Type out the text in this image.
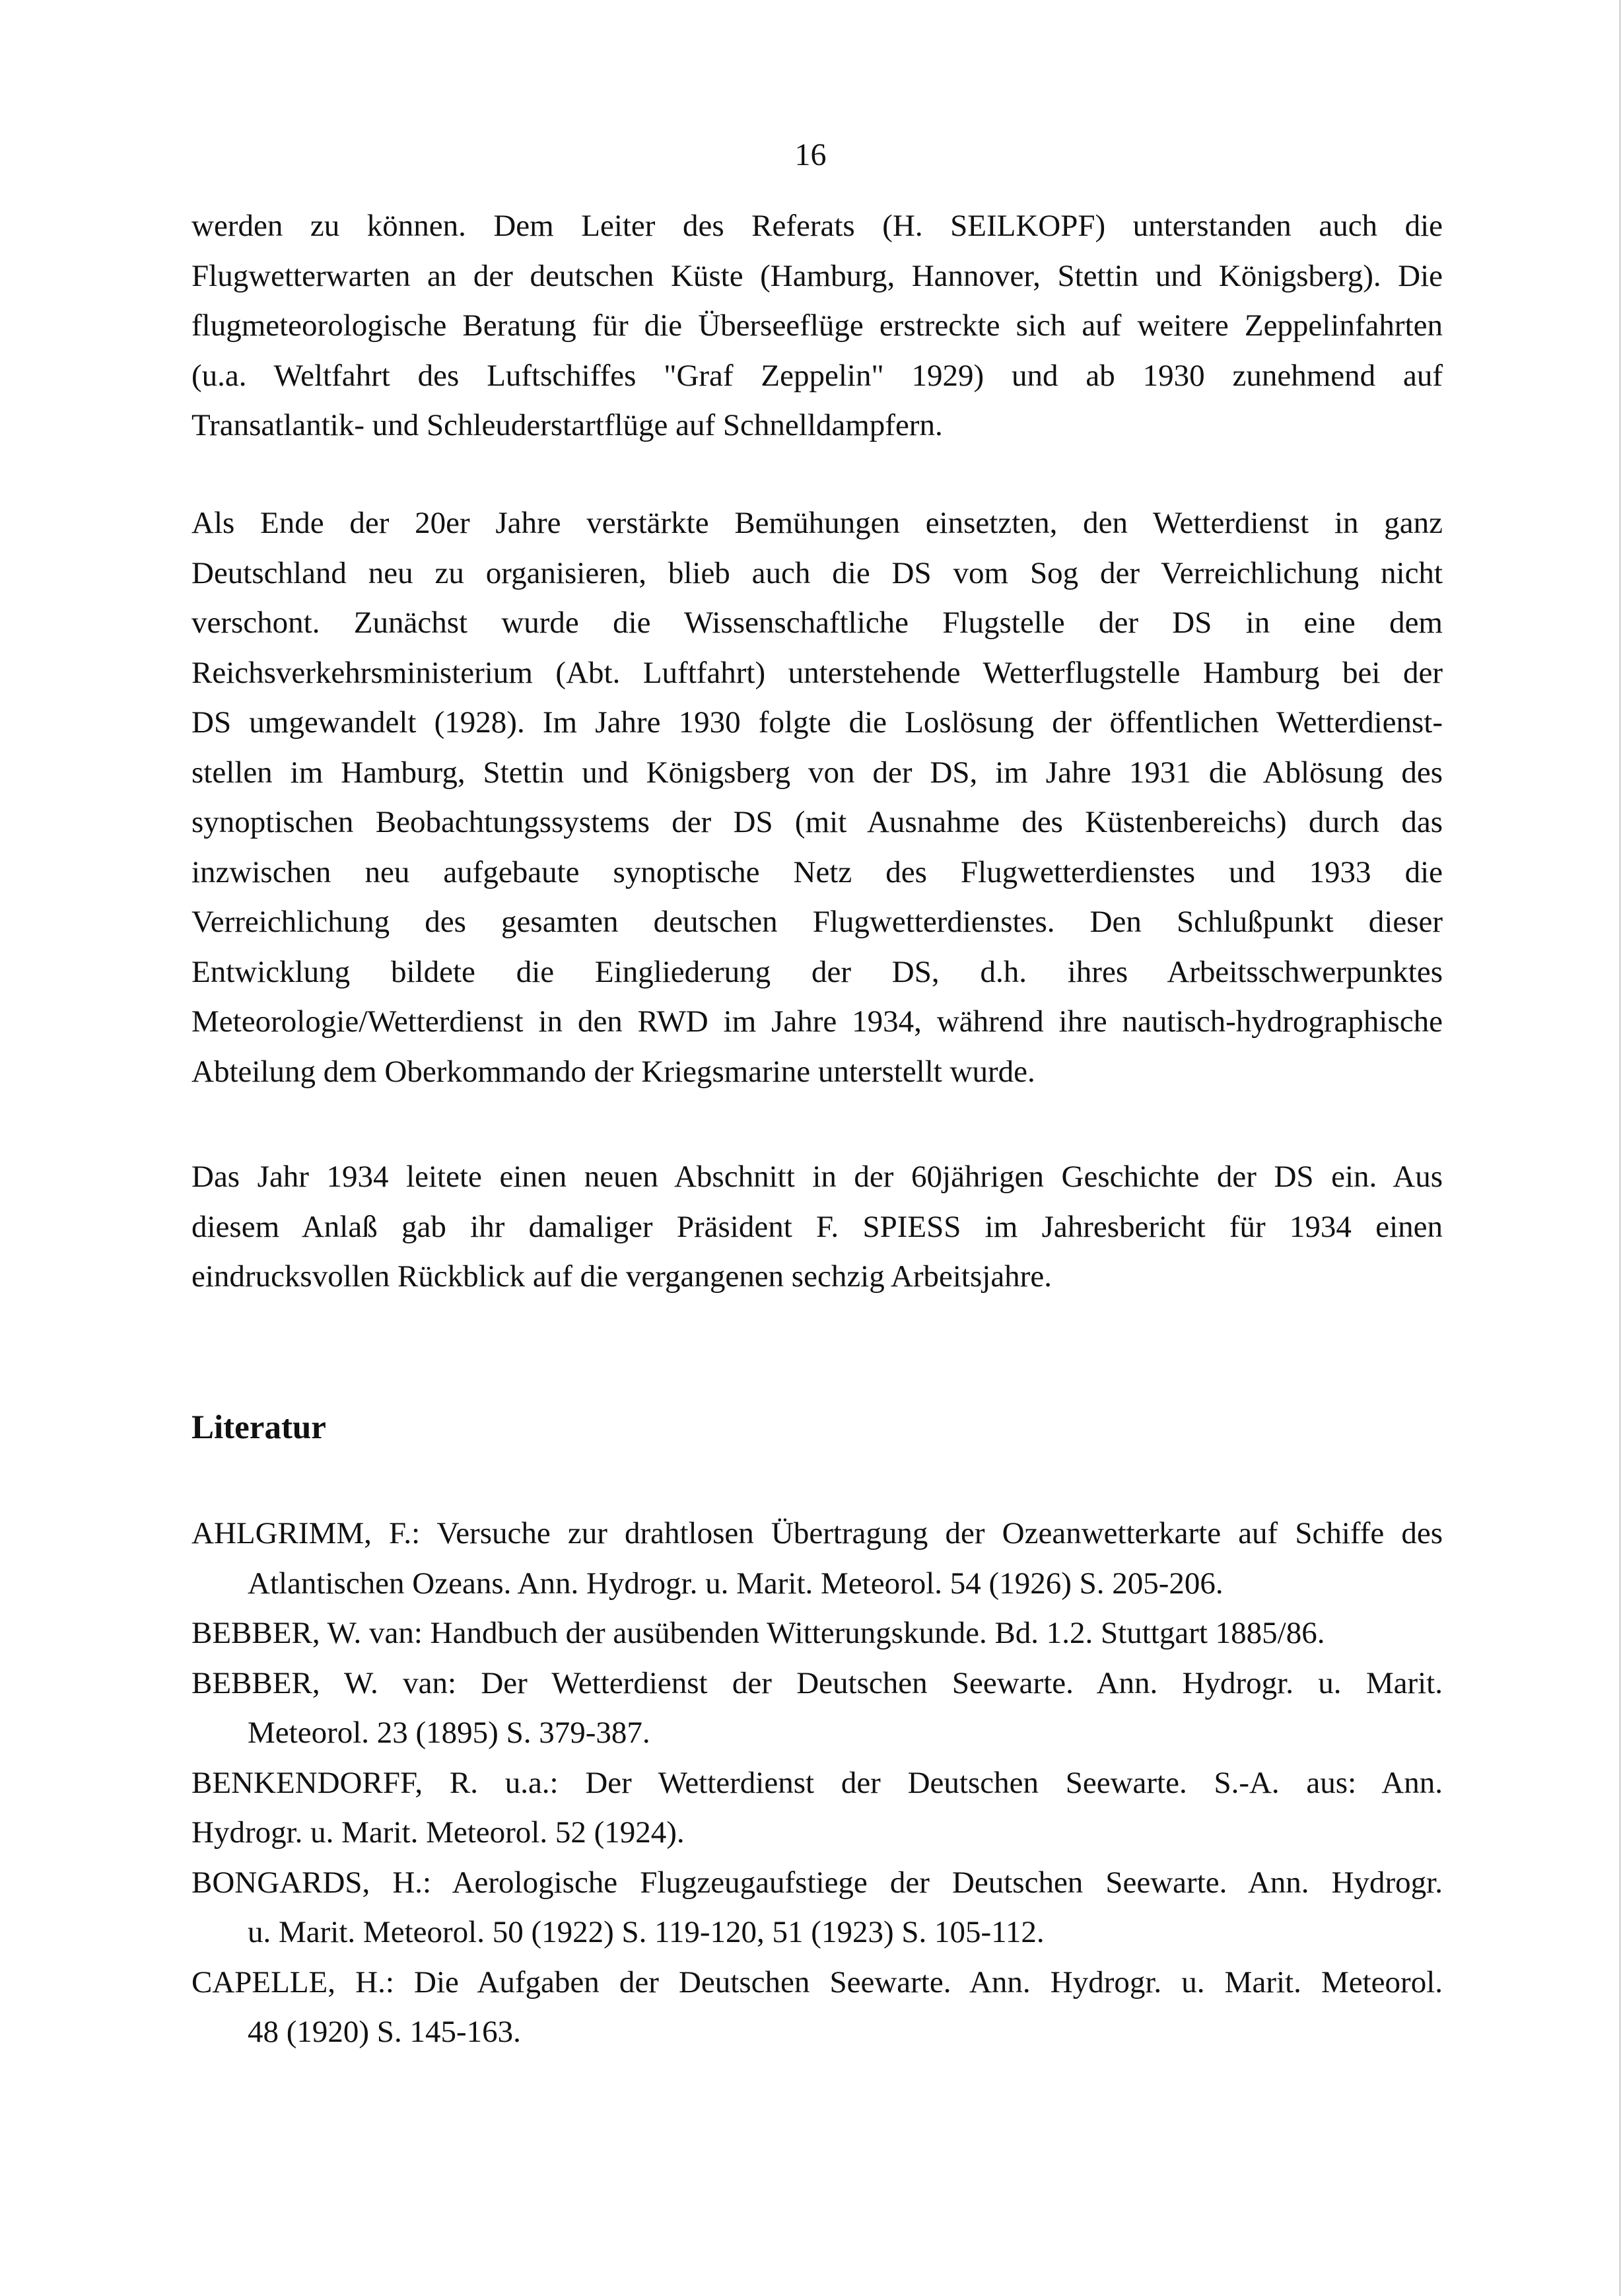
16
werden zu können. Dem Leiter des Referats (H. SEILKOPF) unterstanden auch die
Flugwetterwarten an der deutschen Küste (Hamburg, Hannover, Stettin und Königsberg). Die
flugmeteorologische Beratung für die Überseeflüge erstreckte sich auf weitere Zeppelinfahrten
(u.a. Weltfahrt des Luftschiffes "Graf Zeppelin" 1929) und ab 1930 zunehmend auf
Transatlantik- und Schleuderstartflüge auf Schnelldampfern.
Als Ende der 20er Jahre verstärkte Bemühungen einsetzten, den Wetterdienst in ganz
Deutschland neu zu organisieren, blieb auch die DS vom Sog der Verreichlichung nicht
verschont. Zunächst wurde die Wissenschaftliche Flugstelle der DS in eine dem
Reichsverkehrsministerium (Abt. Luftfahrt) unterstehende Wetterflugstelle Hamburg bei der
DS umgewandelt (1928). Im Jahre 1930 folgte die Loslösung der öffentlichen Wetterdienst-
stellen im Hamburg, Stettin und Königsberg von der DS, im Jahre 1931 die Ablösung des
synoptischen Beobachtungssystems der DS (mit Ausnahme des Küstenbereichs) durch das
inzwischen neu aufgebaute synoptische Netz des Flugwetterdienstes und 1933 die
Verreichlichung des gesamten deutschen Flugwetterdienstes. Den Schlußpunkt dieser
Entwicklung bildete die Eingliederung der DS, d.h. ihres Arbeitsschwerpunktes
Meteorologie/Wetterdienst in den RWD im Jahre 1934, während ihre nautisch-hydrographische
Abteilung dem Oberkommando der Kriegsmarine unterstellt wurde.
Das Jahr 1934 leitete einen neuen Abschnitt in der 60jährigen Geschichte der DS ein. Aus
diesem Anlaß gab ihr damaliger Präsident F. SPIESS im Jahresbericht für 1934 einen
eindrucksvollen Rückblick auf die vergangenen sechzig Arbeitsjahre.
Literatur
AHLGRIMM, F.: Versuche zur drahtlosen Übertragung der Ozeanwetterkarte auf Schiffe des
Atlantischen Ozeans. Ann. Hydrogr. u. Marit. Meteorol. 54 (1926) S. 205-206.
BEBBER, W. van: Handbuch der ausübenden Witterungskunde. Bd. 1.2. Stuttgart 1885/86.
BEBBER, W. van: Der Wetterdienst der Deutschen Seewarte. Ann. Hydrogr. u. Marit.
Meteorol. 23 (1895) S. 379-387.
BENKENDORFF, R. u.a.: Der Wetterdienst der Deutschen Seewarte. S.-A. aus: Ann.
Hydrogr. u. Marit. Meteorol. 52 (1924).
BONGARDS, H.: Aerologische Flugzeugaufstiege der Deutschen Seewarte. Ann. Hydrogr.
u. Marit. Meteorol. 50 (1922) S. 119-120, 51 (1923) S. 105-112.
CAPELLE, H.: Die Aufgaben der Deutschen Seewarte. Ann. Hydrogr. u. Marit. Meteorol.
48 (1920) S. 145-163.
